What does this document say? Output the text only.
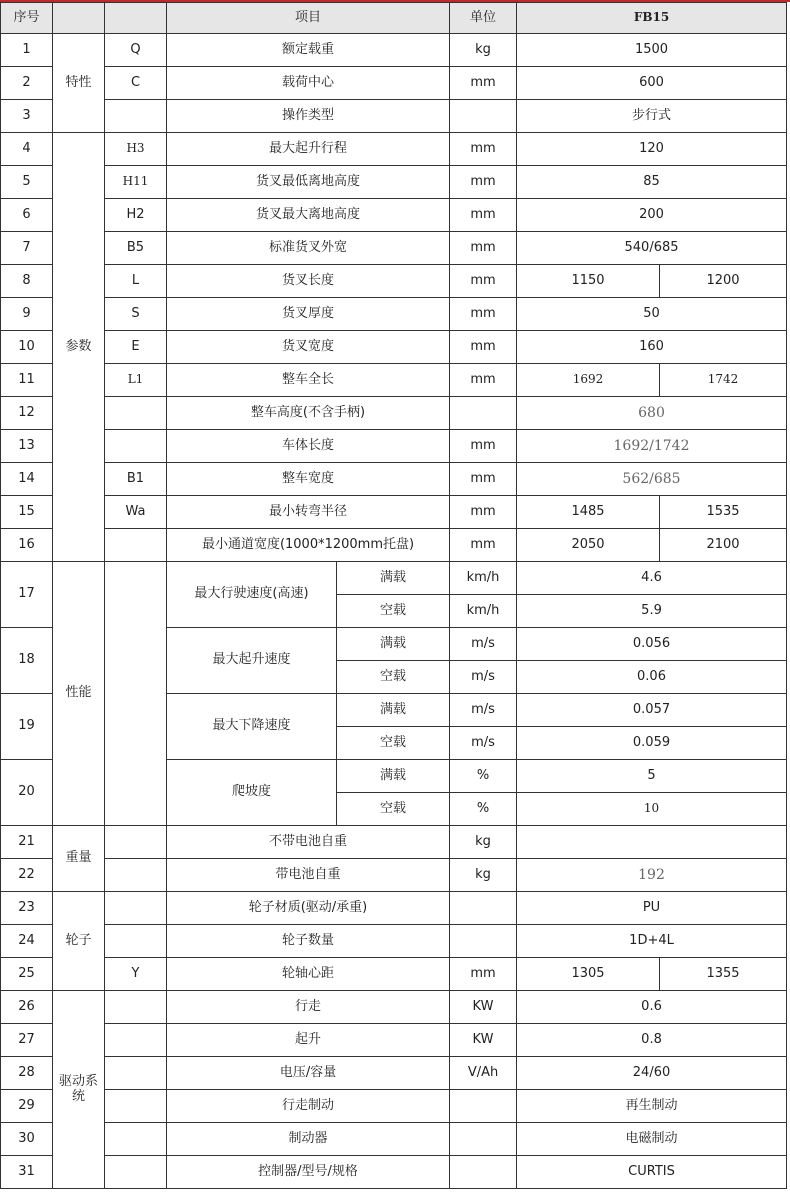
序号			项目		单位	FB15	
1	特性	Q	额定载重		kg	1500	
2		C	载荷中心		mm	600	
3			操作类型			步行式	
4	参数	H3	最大起升行程		mm	120	
5		H11	货叉最低离地高度		mm	85	
6		H2	货叉最大离地高度		mm	200	
7		B5	标准货叉外宽		mm	540/685	
8		L	货叉长度		mm	1150	1200
9		S	货叉厚度		mm	50	
10		E	货叉宽度		mm	160	
11		L1	整车全长		mm	1692	1742
12			整车高度(不含手柄)			680	
13			车体长度		mm	1692/1742	
14		B1	整车宽度		mm	562/685	
15		Wa	最小转弯半径		mm	1485	1535
16			最小通道宽度(1000*1200mm托盘)		mm	2050	2100
17	性能		最大行驶速度(高速)	满载	km/h	4.6	
				空载	km/h	5.9	
18			最大起升速度	满载	m/s	0.056	
				空载	m/s	0.06	
19			最大下降速度	满载	m/s	0.057	
				空载	m/s	0.059	
20			爬坡度	满载	%	5	
				空载	%	10	
21	重量		不带电池自重		kg		
22			带电池自重		kg	192	
23	轮子		轮子材质(驱动/承重)			PU	
24			轮子数量			1D+4L	
25		Y	轮轴心距		mm	1305	1355
26	驱动系统		行走		KW	0.6	
27			起升		KW	0.8	
28			电压/容量		V/Ah	24/60	
29			行走制动			再生制动	
30			制动器			电磁制动	
31			控制器/型号/规格			CURTIS	
